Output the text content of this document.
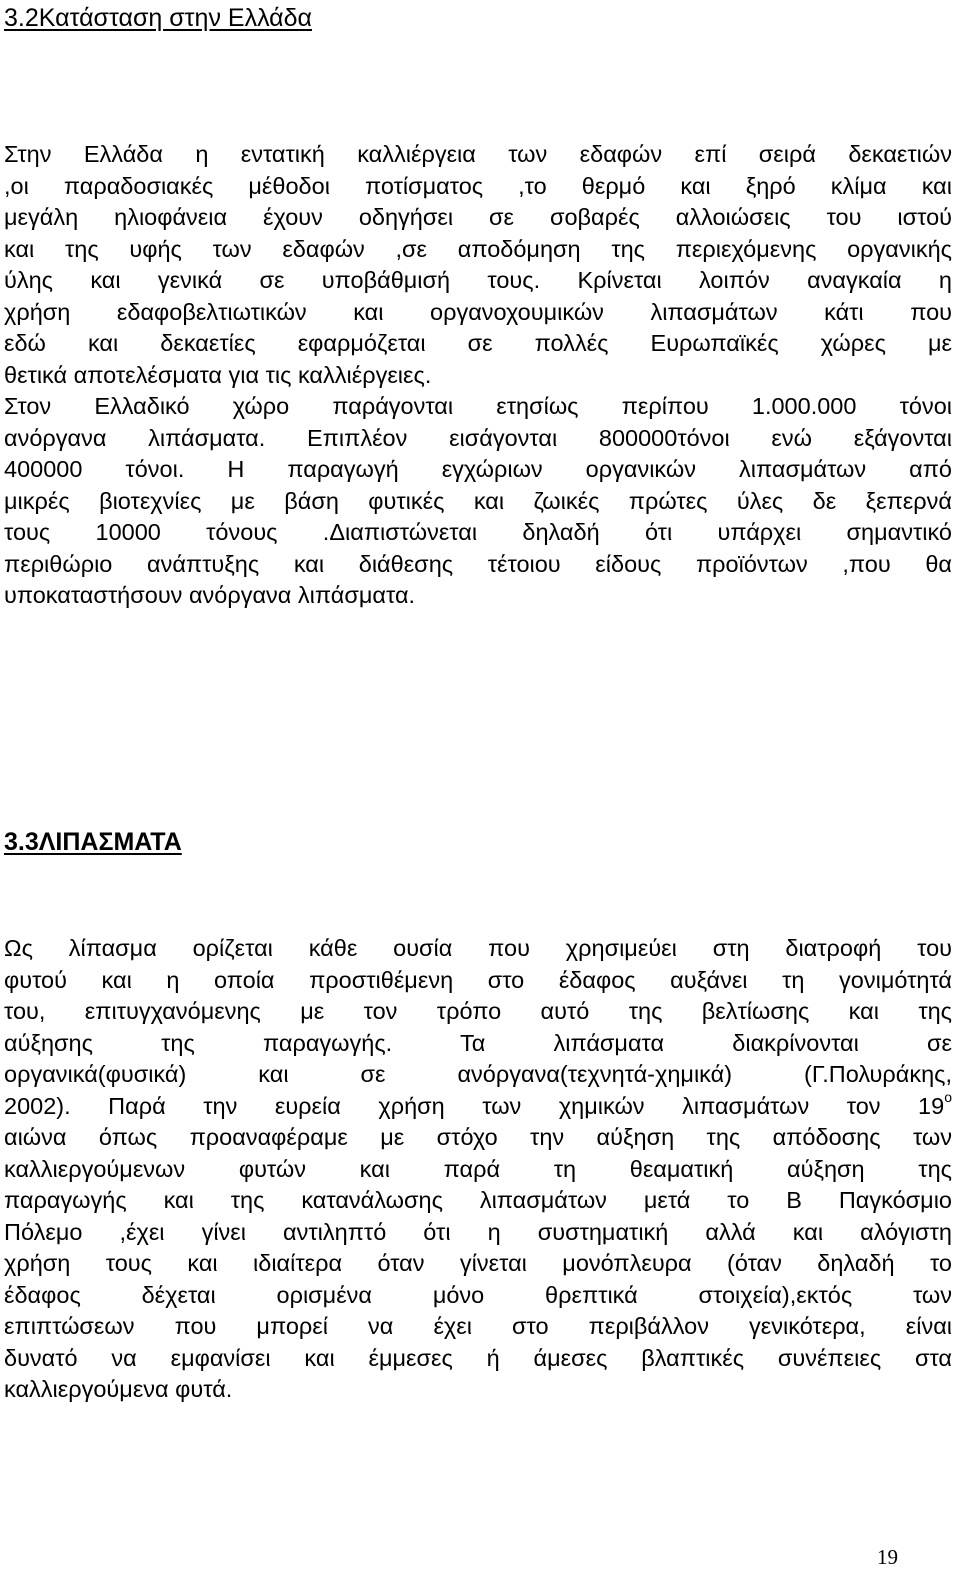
3.2Κατάσταση στην Ελλάδα
Στην Ελλάδα η εντατική καλλιέργεια των εδαφών επί σειρά δεκαετιών
,οι παραδοσιακές μέθοδοι ποτίσματος ,το θερμό και ξηρό κλίμα και
μεγάλη ηλιοφάνεια έχουν οδηγήσει σε σοβαρές αλλοιώσεις του ιστού
και της υφής των εδαφών ,σε αποδόμηση της περιεχόμενης οργανικής
ύλης και γενικά σε υποβάθμισή τους. Κρίνεται λοιπόν αναγκαία η
χρήση εδαφοβελτιωτικών και οργανοχουμικών λιπασμάτων κάτι που
εδώ και δεκαετίες εφαρμόζεται σε πολλές Ευρωπαϊκές χώρες με
θετικά αποτελέσματα για τις καλλιέργειες.
Στον Ελλαδικό χώρο παράγονται ετησίως περίπου 1.000.000 τόνοι
ανόργανα λιπάσματα. Επιπλέον εισάγονται 800000τόνοι ενώ εξάγονται
400000 τόνοι. Η παραγωγή εγχώριων οργανικών λιπασμάτων από
μικρές βιοτεχνίες με βάση φυτικές και ζωικές πρώτες ύλες δε ξεπερνά
τους 10000 τόνους .Διαπιστώνεται δηλαδή ότι υπάρχει σημαντικό
περιθώριο ανάπτυξης και διάθεσης τέτοιου είδους προϊόντων ,που θα
υποκαταστήσουν ανόργανα λιπάσματα.
3.3ΛΙΠΑΣΜΑΤΑ
Ως λίπασμα ορίζεται κάθε ουσία που χρησιμεύει στη διατροφή του
φυτού και η οποία προστιθέμενη στο έδαφος αυξάνει τη γονιμότητά
του, επιτυγχανόμενης με τον τρόπο αυτό της βελτίωσης και της
αύξησης της παραγωγής. Τα λιπάσματα διακρίνονται σε
οργανικά(φυσικά) και σε ανόργανα(τεχνητά-χημικά) (Γ.Πολυράκης,
2002). Παρά την ευρεία χρήση των χημικών λιπασμάτων τον $19^o$
αιώνα όπως προαναφέραμε με στόχο την αύξηση της απόδοσης των
καλλιεργούμενων φυτών και παρά τη θεαματική αύξηση της
παραγωγής και της κατανάλωσης λιπασμάτων μετά το Β Παγκόσμιο
Πόλεμο ,έχει γίνει αντιληπτό ότι η συστηματική αλλά και αλόγιστη
χρήση τους και ιδιαίτερα όταν γίνεται μονόπλευρα (όταν δηλαδή το
έδαφος δέχεται ορισμένα μόνο θρεπτικά στοιχεία),εκτός των
επιπτώσεων που μπορεί να έχει στο περιβάλλον γενικότερα, είναι
δυνατό να εμφανίσει και έμμεσες ή άμεσες βλαπτικές συνέπειες στα
καλλιεργούμενα φυτά.

19
